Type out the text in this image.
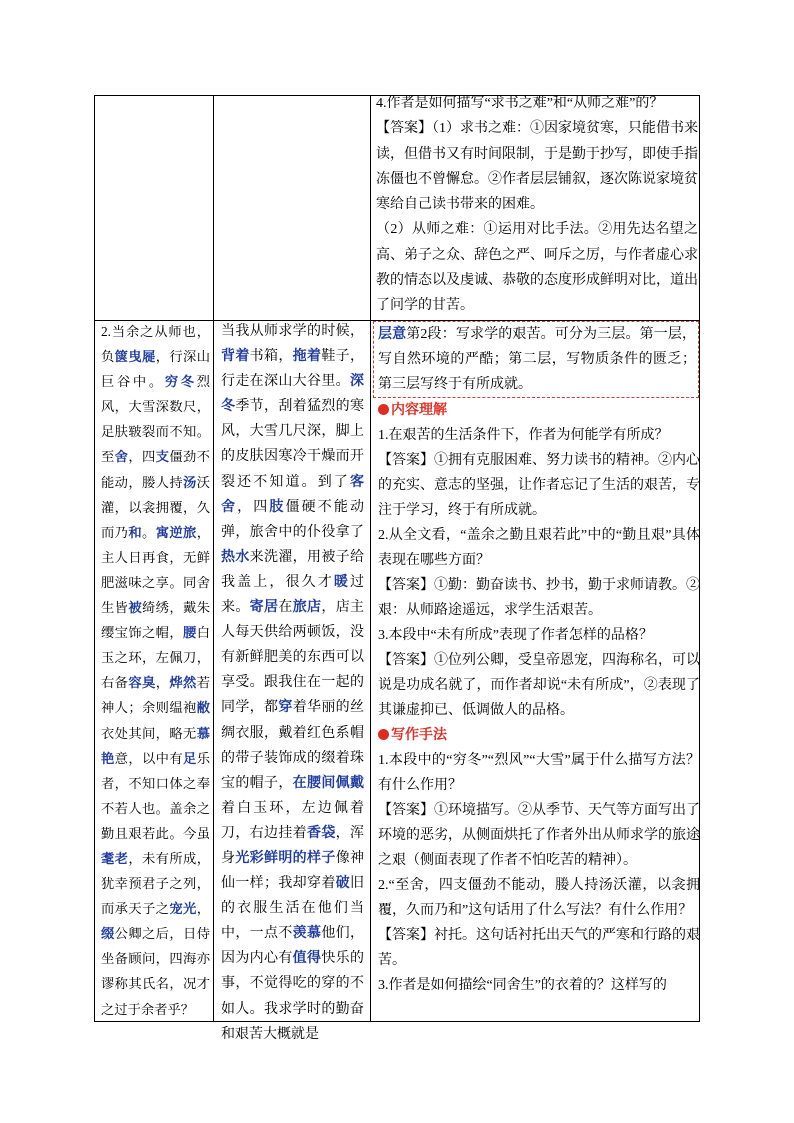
4.作者是如何描写“求书之难”和“从师之难”的？

【答案】（1）求书之难：①因家境贫寒，只能借书来读，但借书又有时间限制，于是勤于抄写，即使手指冻僵也不曾懈怠。②作者层层铺叙，逐次陈说家境贫寒给自己读书带来的困难。

（2）从师之难：①运用对比手法。②用先达名望之高、弟子之众、辞色之严、呵斥之厉，与作者虚心求教的情态以及虔诚、恭敬的态度形成鲜明对比，道出了问学的甘苦。

2.当余之从师也，负箧曳屣，行深山巨谷中。穷冬烈风，大雪深数尺，足肤皲裂而不知。至舍，四支僵劲不能动，媵人持汤沃灌，以衾拥覆，久而乃和。寓逆旅，主人日再食，无鲜肥滋味之享。同舍生皆被绮绣，戴朱缨宝饰之帽，腰白玉之环，左佩刀，右备容臭，烨然若神人；余则缊袍敝衣处其间，略无慕艳意，以中有足乐者，不知口体之奉不若人也。盖余之勤且艰若此。今虽耄老，未有所成，犹幸预君子之列，而承天子之宠光，缀公卿之后，日侍坐备顾问，四海亦谬称其氏名，况才之过于余者乎？

当我从师求学的时候，背着书箱，拖着鞋子，行走在深山大谷里。深冬季节，刮着猛烈的寒风，大雪几尺深，脚上的皮肤因寒冷干燥而开裂还不知道。到了客舍，四肢僵硬不能动弹，旅舍中的仆役拿了热水来洗濯，用被子给我盖上，很久才暖过来。寄居在旅店，店主人每天供给两顿饭，没有新鲜肥美的东西可以享受。跟我住在一起的同学，都穿着华丽的丝绸衣服，戴着红色系帽的带子装饰成的缀着珠宝的帽子，在腰间佩戴着白玉环，左边佩着刀，右边挂着香袋，浑身光彩鲜明的样子像神仙一样；我却穿着破旧的衣服生活在他们当中，一点不羡慕他们，因为内心有值得快乐的事，不觉得吃的穿的不如人。我求学时的勤奋和艰苦大概就是

层意第2段：写求学的艰苦。可分为三层。第一层，写自然环境的严酷；第二层，写物质条件的匮乏；第三层写终于有所成就。

内容理解

1.在艰苦的生活条件下，作者为何能学有所成？

【答案】①拥有克服困难、努力读书的精神。②内心的充实、意志的坚强，让作者忘记了生活的艰苦，专注于学习，终于有所成就。

2.从全文看，“盖余之勤且艰若此”中的“勤且艰”具体表现在哪些方面？

【答案】①勤：勤奋读书、抄书，勤于求师请教。②艰：从师路途遥远，求学生活艰苦。

3.本段中“未有所成”表现了作者怎样的品格？

【答案】①位列公卿，受皇帝恩宠，四海称名，可以说是功成名就了，而作者却说“未有所成”，②表现了其谦虚抑已、低调做人的品格。

写作手法

1.本段中的“穷冬”“烈风”“大雪”属于什么描写方法？有什么作用？

【答案】①环境描写。②从季节、天气等方面写出了环境的恶劣，从侧面烘托了作者外出从师求学的旅途之艰（侧面表现了作者不怕吃苦的精神）。

2.“至舍，四支僵劲不能动，媵人持汤沃灌，以衾拥覆，久而乃和”这句话用了什么写法？有什么作用？

【答案】衬托。这句话衬托出天气的严寒和行路的艰苦。

3.作者是如何描绘“同舍生”的衣着的？这样写的
